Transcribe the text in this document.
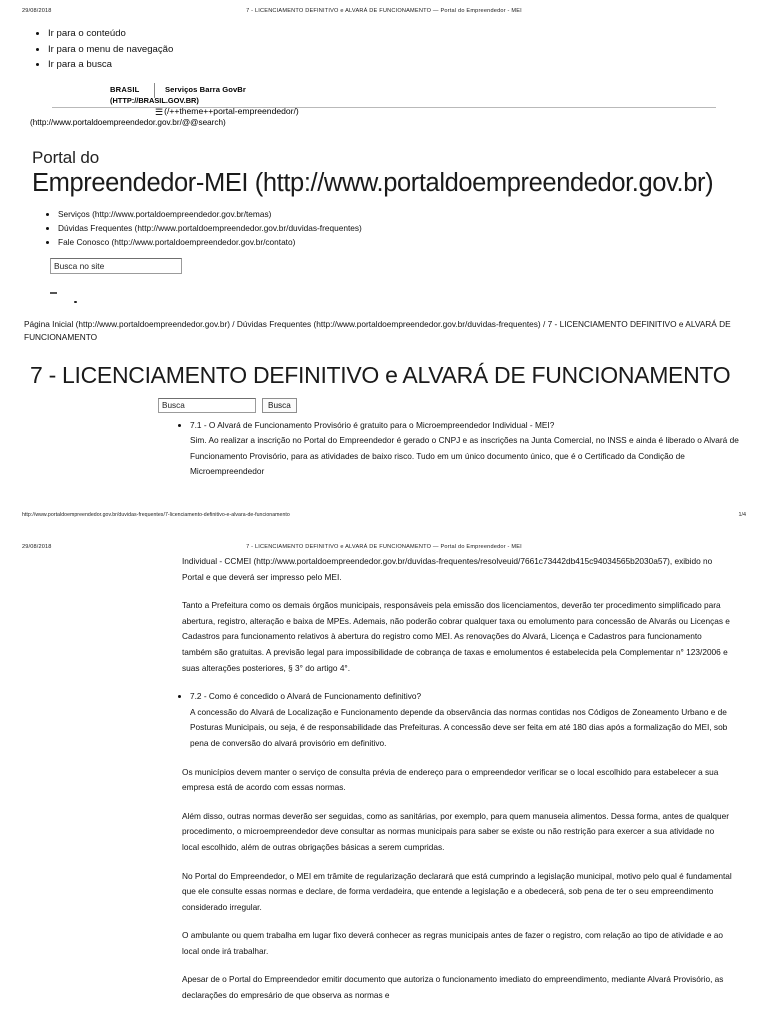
29/08/2018	7 - LICENCIAMENTO DEFINITIVO e ALVARÁ DE FUNCIONAMENTO — Portal do Empreendedor - MEI
• Ir para o conteúdo
• Ir para o menu de navegação
• Ir para a busca
BRASIL	Serviços Barra GovBr
(HTTP://BRASIL.GOV.BR)
☰(/++theme++portal-empreendedor/)
(http://www.portaldoempreendedor.gov.br/@@search)
Portal do
Empreendedor-MEI (http://www.portaldoempreendedor.gov.br)
• Serviços (http://www.portaldoempreendedor.gov.br/temas)
• Dúvidas Frequentes (http://www.portaldoempreendedor.gov.br/duvidas-frequentes)
• Fale Conosco (http://www.portaldoempreendedor.gov.br/contato)
Busca no site
Página Inicial (http://www.portaldoempreendedor.gov.br) / Dúvidas Frequentes (http://www.portaldoempreendedor.gov.br/duvidas-frequentes) / 7 - LICENCIAMENTO DEFINITIVO e ALVARÁ DE FUNCIONAMENTO
7 - LICENCIAMENTO DEFINITIVO e ALVARÁ DE FUNCIONAMENTO
Busca
Busca
• 7.1 - O Alvará de Funcionamento Provisório é gratuito para o Microempreendedor Individual - MEI?
Sim. Ao realizar a inscrição no Portal do Empreendedor é gerado o CNPJ e as inscrições na Junta Comercial, no INSS e ainda é liberado o Alvará de Funcionamento Provisório, para as atividades de baixo risco. Tudo em um único documento único, que é o Certificado da Condição de Microempreendedor
http://www.portaldoempreendedor.gov.br/duvidas-frequentes/7-licenciamento-definitivo-e-alvara-de-funcionamento	1/4
29/08/2018	7 - LICENCIAMENTO DEFINITIVO e ALVARÁ DE FUNCIONAMENTO — Portal do Empreendedor - MEI

Individual - CCMEI (http://www.portaldoempreendedor.gov.br/duvidas-frequentes/resolveuid/7661c73442db415c94034565b2030a57), exibido no Portal e que deverá ser impresso pelo MEI.

Tanto a Prefeitura como os demais órgãos municipais, responsáveis pela emissão dos licenciamentos, deverão ter procedimento simplificado para abertura, registro, alteração e baixa de MPEs. Ademais, não poderão cobrar qualquer taxa ou emolumento para concessão de Alvarás ou Licenças e Cadastros para funcionamento relativos à abertura do registro como MEI. As renovações do Alvará, Licença e Cadastros para funcionamento também são gratuitas. A previsão legal para impossibilidade de cobrança de taxas e emolumentos é estabelecida pela Complementar n° 123/2006 e suas alterações posteriores, § 3° do artigo 4°.

• 7.2 - Como é concedido o Alvará de Funcionamento definitivo?
A concessão do Alvará de Localização e Funcionamento depende da observância das normas contidas nos Códigos de Zoneamento Urbano e de Posturas Municipais, ou seja, é de responsabilidade das Prefeituras. A concessão deve ser feita em até 180 dias após a formalização do MEI, sob pena de conversão do alvará provisório em definitivo.

Os municípios devem manter o serviço de consulta prévia de endereço para o empreendedor verificar se o local escolhido para estabelecer a sua empresa está de acordo com essas normas.

Além disso, outras normas deverão ser seguidas, como as sanitárias, por exemplo, para quem manuseia alimentos. Dessa forma, antes de qualquer procedimento, o microempreendedor deve consultar as normas municipais para saber se existe ou não restrição para exercer a sua atividade no local escolhido, além de outras obrigações básicas a serem cumpridas.

No Portal do Empreendedor, o MEI em trâmite de regularização declarará que está cumprindo a legislação municipal, motivo pelo qual é fundamental que ele consulte essas normas e declare, de forma verdadeira, que entende a legislação e a obedecerá, sob pena de ter o seu empreendimento considerado irregular.

O ambulante ou quem trabalha em lugar fixo deverá conhecer as regras municipais antes de fazer o registro, com relação ao tipo de atividade e ao local onde irá trabalhar.

Apesar de o Portal do Empreendedor emitir documento que autoriza o funcionamento imediato do empreendimento, mediante Alvará Provisório, as declarações do empresário de que observa as normas e
